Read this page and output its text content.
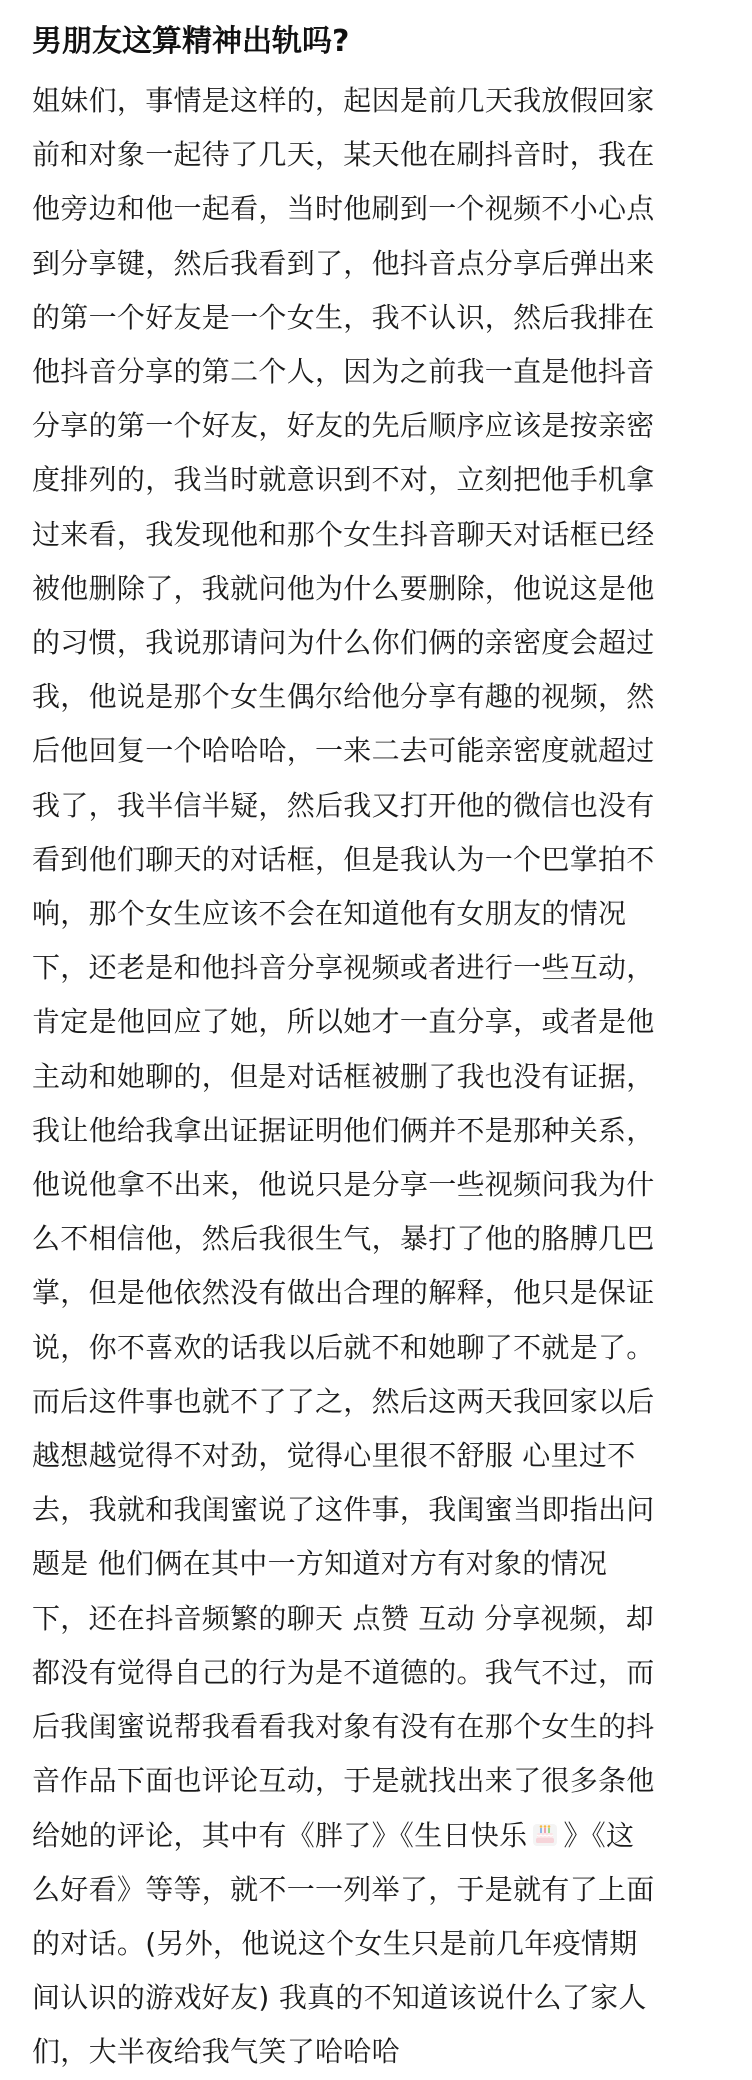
男朋友这算精神出轨吗?
姐妹们，事情是这样的，起因是前几天我放假回家
前和对象一起待了几天，某天他在刷抖音时，我在
他旁边和他一起看，当时他刷到一个视频不小心点
到分享键，然后我看到了，他抖音点分享后弹出来
的第一个好友是一个女生，我不认识，然后我排在
他抖音分享的第二个人，因为之前我一直是他抖音
分享的第一个好友，好友的先后顺序应该是按亲密
度排列的，我当时就意识到不对，立刻把他手机拿
过来看，我发现他和那个女生抖音聊天对话框已经
被他删除了，我就问他为什么要删除，他说这是他
的习惯，我说那请问为什么你们俩的亲密度会超过
我，他说是那个女生偶尔给他分享有趣的视频，然
后他回复一个哈哈哈，一来二去可能亲密度就超过
我了，我半信半疑，然后我又打开他的微信也没有
看到他们聊天的对话框，但是我认为一个巴掌拍不
响，那个女生应该不会在知道他有女朋友的情况
下，还老是和他抖音分享视频或者进行一些互动，
肯定是他回应了她，所以她才一直分享，或者是他
主动和她聊的，但是对话框被删了我也没有证据，
我让他给我拿出证据证明他们俩并不是那种关系，
他说他拿不出来，他说只是分享一些视频问我为什
么不相信他，然后我很生气，暴打了他的胳膊几巴
掌，但是他依然没有做出合理的解释，他只是保证
说，你不喜欢的话我以后就不和她聊了不就是了。
而后这件事也就不了了之，然后这两天我回家以后
越想越觉得不对劲，觉得心里很不舒服 心里过不
去，我就和我闺蜜说了这件事，我闺蜜当即指出问
题是 他们俩在其中一方知道对方有对象的情况
下，还在抖音频繁的聊天 点赞 互动 分享视频，却
都没有觉得自己的行为是不道德的。我气不过，而
后我闺蜜说帮我看看我对象有没有在那个女生的抖
音作品下面也评论互动，于是就找出来了很多条他
给她的评论，其中有《胖了》《生日快乐 》《这
么好看》等等，就不一一列举了，于是就有了上面
的对话。(另外，他说这个女生只是前几年疫情期
间认识的游戏好友) 我真的不知道该说什么了家人
们，大半夜给我气笑了哈哈哈
